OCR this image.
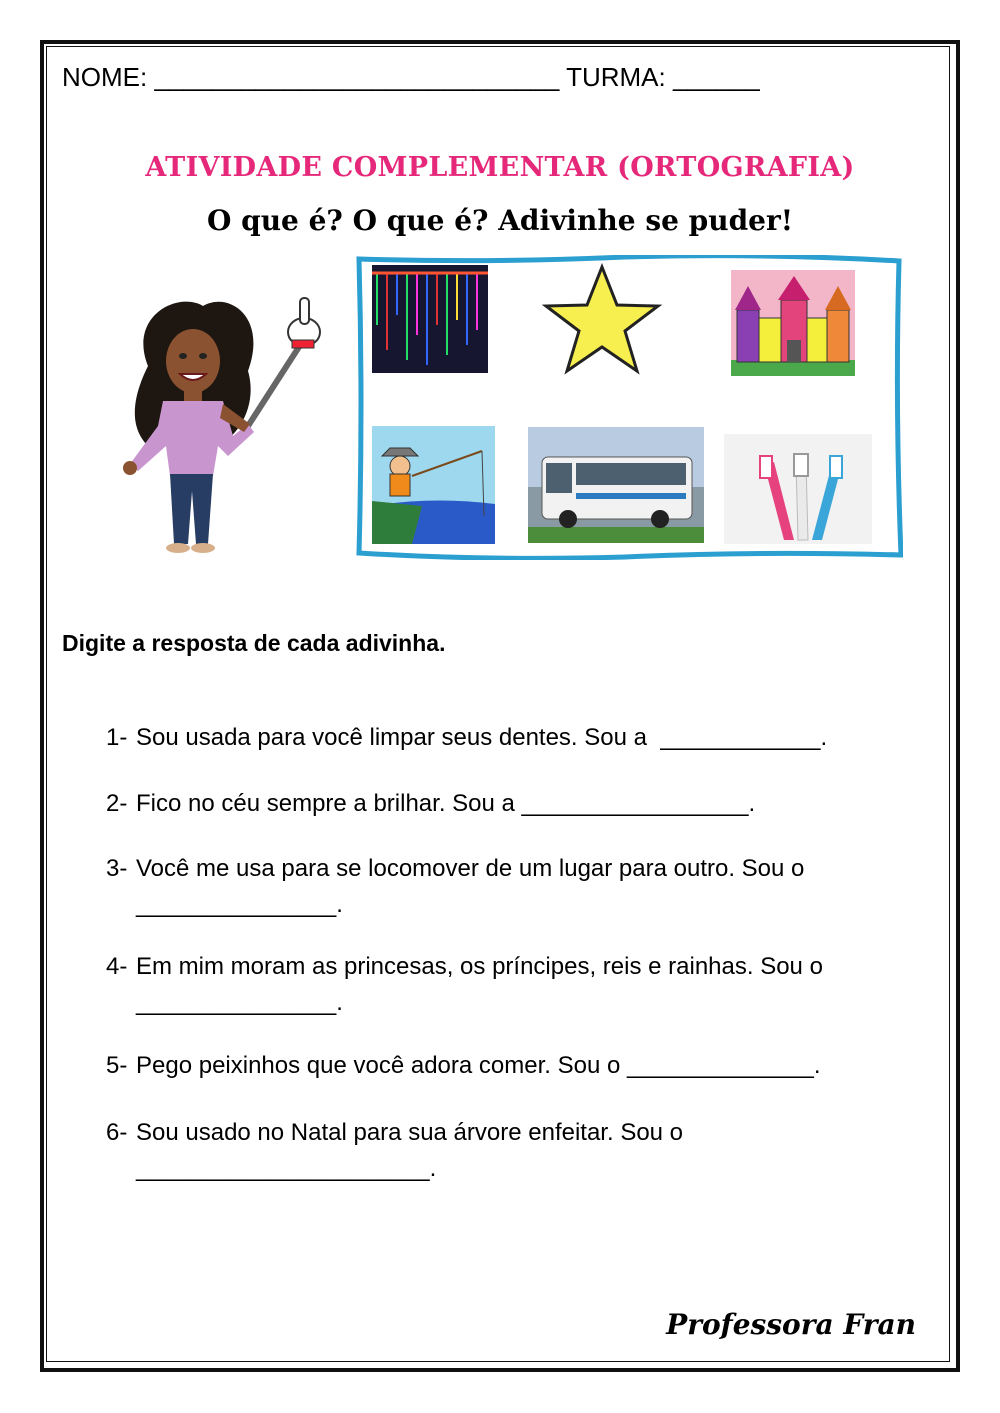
NOME: ____________________________ TURMA: ______
ATIVIDADE COMPLEMENTAR (ORTOGRAFIA)
O que é? O que é? Adivinhe se puder!
Digite a resposta de cada adivinha.
1- Sou usada para você limpar seus dentes. Sou a  ____________.
2- Fico no céu sempre a brilhar. Sou a _________________.
3- Você me usa para se locomover de um lugar para outro. Sou o
_______________.
4- Em mim moram as princesas, os príncipes, reis e rainhas. Sou o
_______________.
5- Pego peixinhos que você adora comer. Sou o ______________.
6- Sou usado no Natal para sua árvore enfeitar. Sou o
______________________.
Professora Fran
